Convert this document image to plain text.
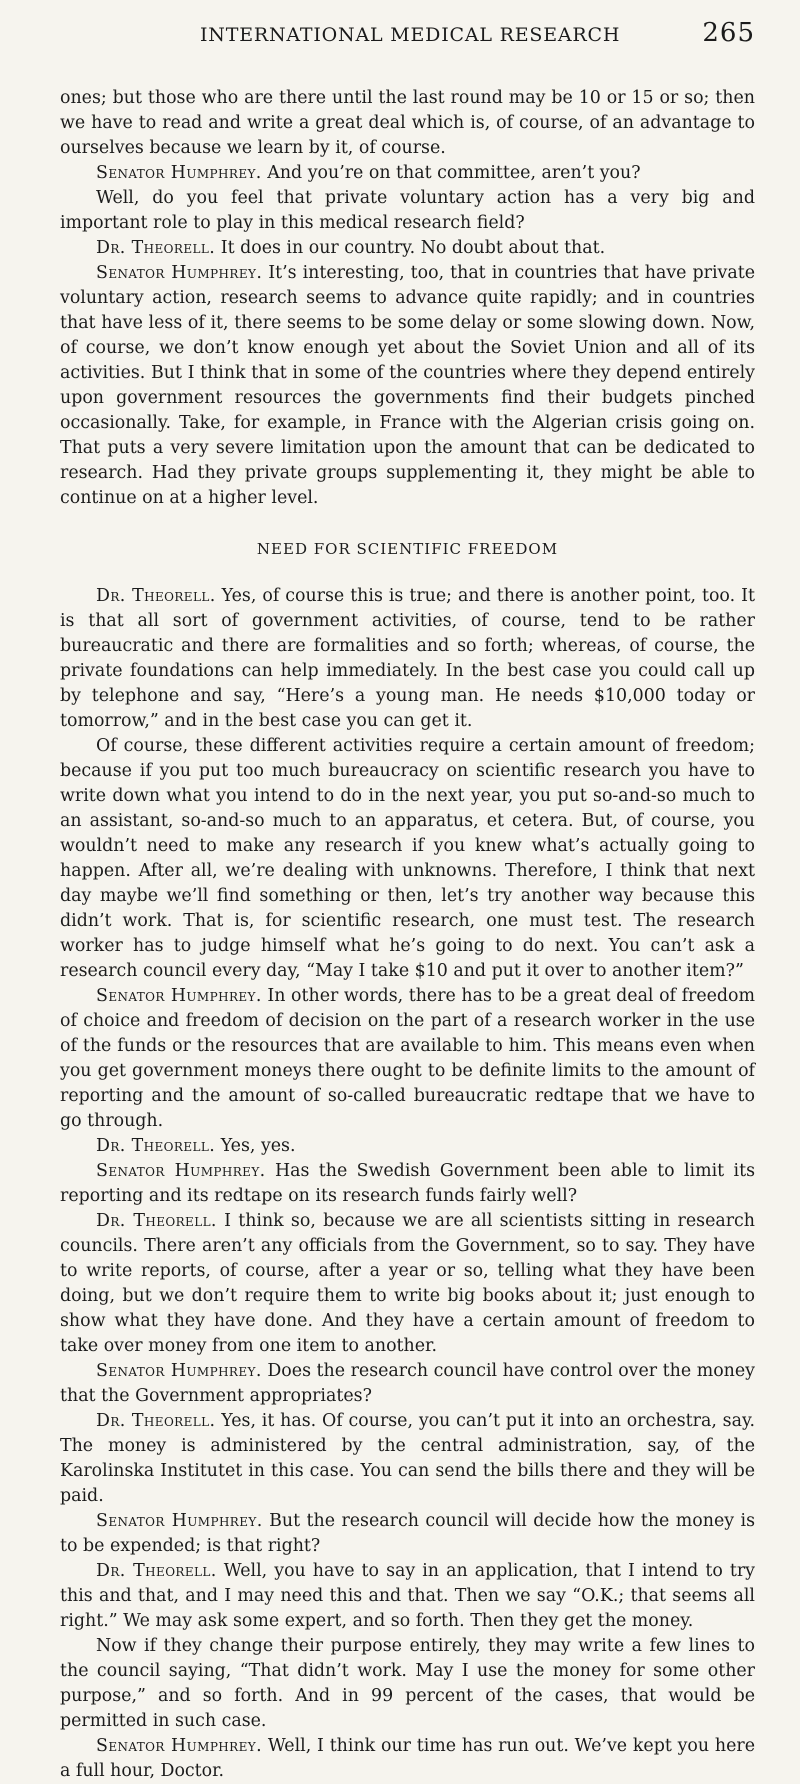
INTERNATIONAL MEDICAL RESEARCH	265

ones; but those who are there until the last round may be 10 or 15 or so; then we have to read and write a great deal which is, of course, of an advantage to ourselves because we learn by it, of course.

Senator Humphrey. And you’re on that committee, aren’t you?

Well, do you feel that private voluntary action has a very big and important role to play in this medical research field?

Dr. Theorell. It does in our country. No doubt about that.

Senator Humphrey. It’s interesting, too, that in countries that have private voluntary action, research seems to advance quite rapidly; and in countries that have less of it, there seems to be some delay or some slowing down. Now, of course, we don’t know enough yet about the Soviet Union and all of its activities. But I think that in some of the countries where they depend entirely upon government resources the governments find their budgets pinched occasionally. Take, for example, in France with the Algerian crisis going on. That puts a very severe limitation upon the amount that can be dedicated to research. Had they private groups supplementing it, they might be able to continue on at a higher level.

NEED FOR SCIENTIFIC FREEDOM

Dr. Theorell. Yes, of course this is true; and there is another point, too. It is that all sort of government activities, of course, tend to be rather bureaucratic and there are formalities and so forth; whereas, of course, the private foundations can help immediately. In the best case you could call up by telephone and say, “Here’s a young man. He needs $10,000 today or tomorrow,” and in the best case you can get it.

Of course, these different activities require a certain amount of freedom; because if you put too much bureaucracy on scientific research you have to write down what you intend to do in the next year, you put so-and-so much to an assistant, so-and-so much to an apparatus, et cetera. But, of course, you wouldn’t need to make any research if you knew what’s actually going to happen. After all, we’re dealing with unknowns. Therefore, I think that next day maybe we’ll find something or then, let’s try another way because this didn’t work. That is, for scientific research, one must test. The research worker has to judge himself what he’s going to do next. You can’t ask a research council every day, “May I take $10 and put it over to another item?”

Senator Humphrey. In other words, there has to be a great deal of freedom of choice and freedom of decision on the part of a research worker in the use of the funds or the resources that are available to him. This means even when you get government moneys there ought to be definite limits to the amount of reporting and the amount of so-called bureaucratic redtape that we have to go through.

Dr. Theorell. Yes, yes.

Senator Humphrey. Has the Swedish Government been able to limit its reporting and its redtape on its research funds fairly well?

Dr. Theorell. I think so, because we are all scientists sitting in research councils. There aren’t any officials from the Government, so to say. They have to write reports, of course, after a year or so, telling what they have been doing, but we don’t require them to write big books about it; just enough to show what they have done. And they have a certain amount of freedom to take over money from one item to another.

Senator Humphrey. Does the research council have control over the money that the Government appropriates?

Dr. Theorell. Yes, it has. Of course, you can’t put it into an orchestra, say. The money is administered by the central administration, say, of the Karolinska Institutet in this case. You can send the bills there and they will be paid.

Senator Humphrey. But the research council will decide how the money is to be expended; is that right?

Dr. Theorell. Well, you have to say in an application, that I intend to try this and that, and I may need this and that. Then we say “O.K.; that seems all right.” We may ask some expert, and so forth. Then they get the money.

Now if they change their purpose entirely, they may write a few lines to the council saying, “That didn’t work. May I use the money for some other purpose,” and so forth. And in 99 percent of the cases, that would be permitted in such case.

Senator Humphrey. Well, I think our time has run out. We’ve kept you here a full hour, Doctor.
